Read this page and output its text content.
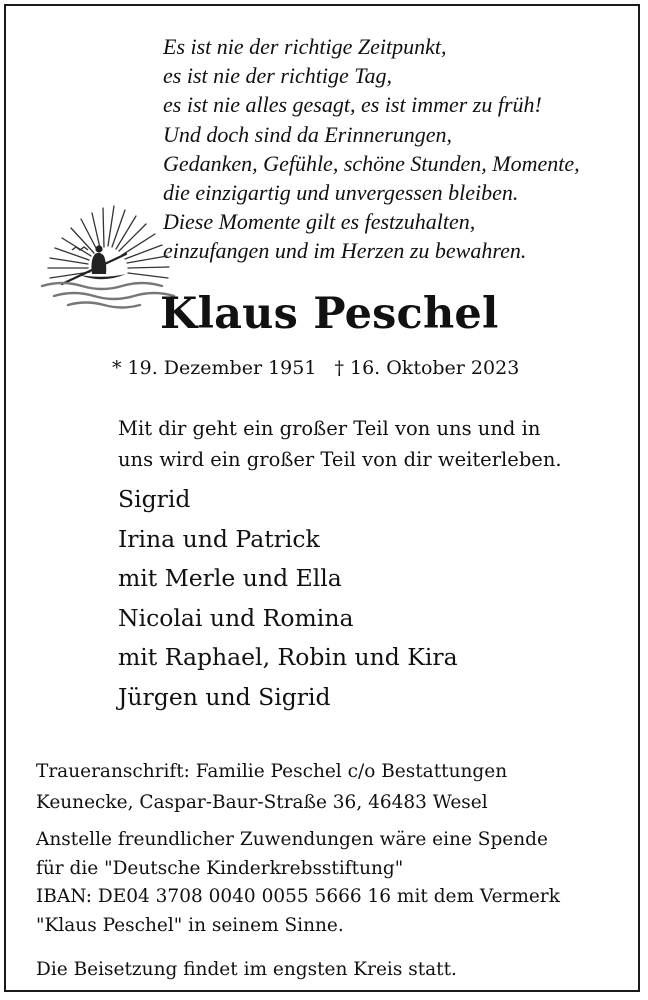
Es ist nie der richtige Zeitpunkt,
es ist nie der richtige Tag,
es ist nie alles gesagt, es ist immer zu früh!
Und doch sind da Erinnerungen,
Gedanken, Gefühle, schöne Stunden, Momente,
die einzigartig und unvergessen bleiben.
Diese Momente gilt es festzuhalten,
einzufangen und im Herzen zu bewahren.
Klaus Peschel
* 19. Dezember 1951 † 16. Oktober 2023
Mit dir geht ein großer Teil von uns und in
uns wird ein großer Teil von dir weiterleben.
Sigrid
Irina und Patrick
mit Merle und Ella
Nicolai und Romina
mit Raphael, Robin und Kira
Jürgen und Sigrid
Traueranschrift: Familie Peschel c/o Bestattungen
Keunecke, Caspar-Baur-Straße 36, 46483 Wesel
Anstelle freundlicher Zuwendungen wäre eine Spende
für die "Deutsche Kinderkrebsstiftung"
IBAN: DE04 3708 0040 0055 5666 16 mit dem Vermerk
"Klaus Peschel" in seinem Sinne.
Die Beisetzung findet im engsten Kreis statt.
